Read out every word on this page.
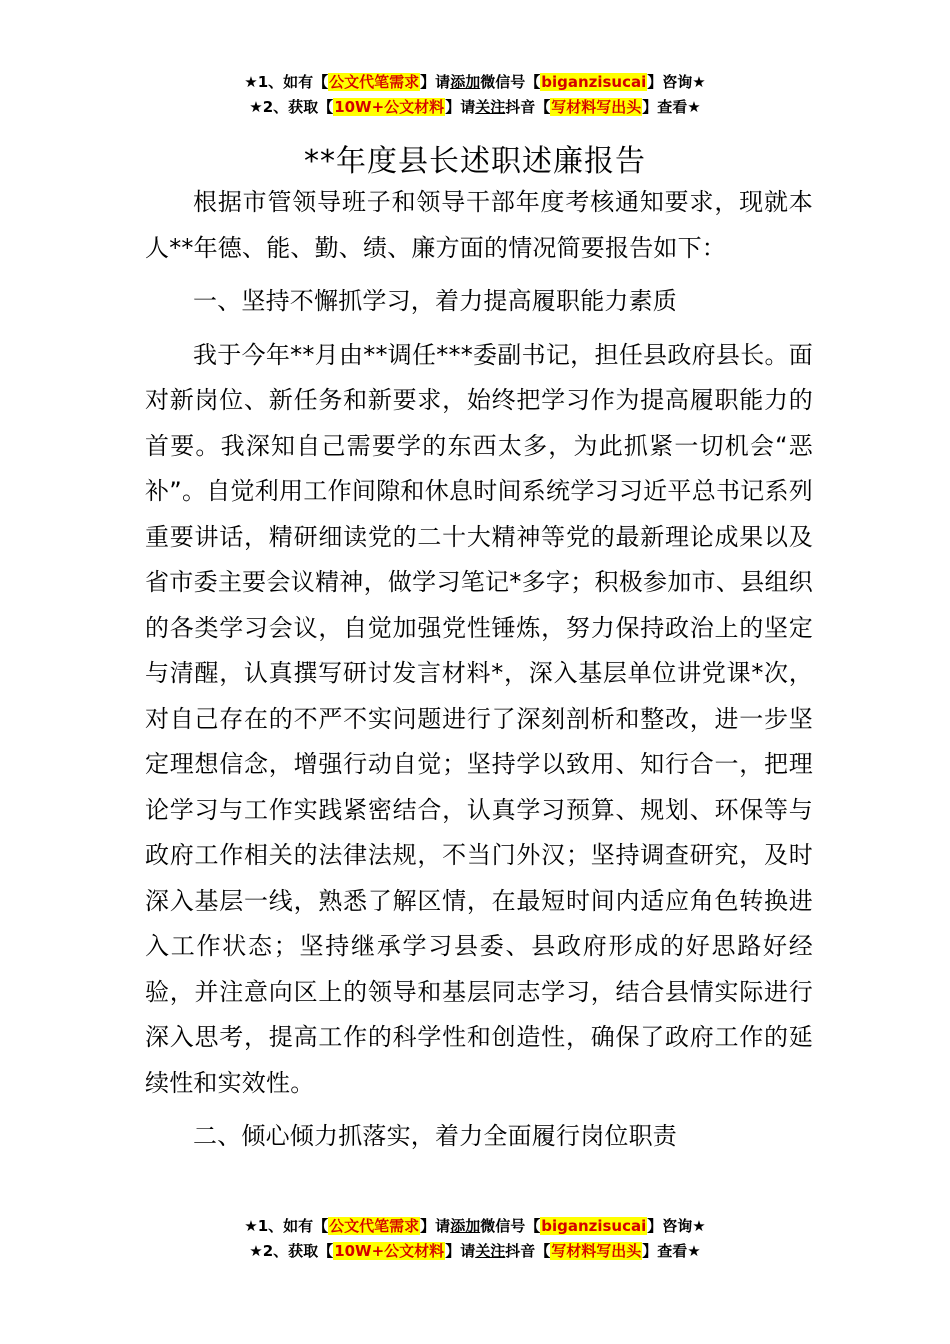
★1、如有【公文代笔需求】请添加微信号【biganzisucai】咨询★
★2、获取【10W+公文材料】请关注抖音【写材料写出头】查看★
**年度县长述职述廉报告

根据市管领导班子和领导干部年度考核通知要求，现就本人**年德、能、勤、绩、廉方面的情况简要报告如下：

一、坚持不懈抓学习，着力提高履职能力素质

我于今年**月由**调任***委副书记，担任县政府县长。面对新岗位、新任务和新要求，始终把学习作为提高履职能力的首要。我深知自己需要学的东西太多，为此抓紧一切机会“恶补”。自觉利用工作间隙和休息时间系统学习习近平总书记系列重要讲话，精研细读党的二十大精神等党的最新理论成果以及省市委主要会议精神，做学习笔记*多字；积极参加市、县组织的各类学习会议，自觉加强党性锤炼，努力保持政治上的坚定与清醒，认真撰写研讨发言材料*，深入基层单位讲党课*次，对自己存在的不严不实问题进行了深刻剖析和整改，进一步坚定理想信念，增强行动自觉；坚持学以致用、知行合一，把理论学习与工作实践紧密结合，认真学习预算、规划、环保等与政府工作相关的法律法规，不当门外汉；坚持调查研究，及时深入基层一线，熟悉了解区情，在最短时间内适应角色转换进入工作状态；坚持继承学习县委、县政府形成的好思路好经验，并注意向区上的领导和基层同志学习，结合县情实际进行深入思考，提高工作的科学性和创造性，确保了政府工作的延续性和实效性。

二、倾心倾力抓落实，着力全面履行岗位职责

★1、如有【公文代笔需求】请添加微信号【biganzisucai】咨询★
★2、获取【10W+公文材料】请关注抖音【写材料写出头】查看★
